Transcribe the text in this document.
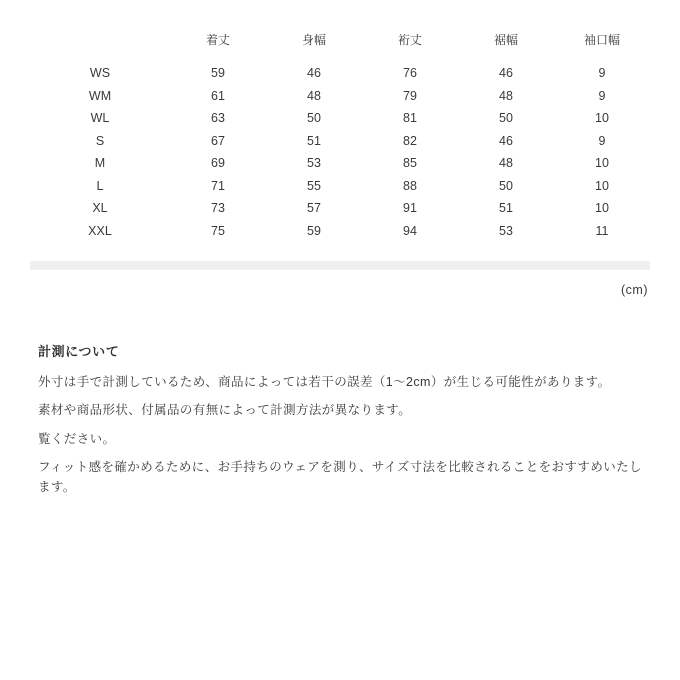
	着丈	身幅	裄丈	裾幅	袖口幅
WS	59	46	76	46	9
WM	61	48	79	48	9
WL	63	50	81	50	10
S	67	51	82	46	9
M	69	53	85	48	10
L	71	55	88	50	10
XL	73	57	91	51	10
XXL	75	59	94	53	11
(cm)
計測について

外寸は手で計測しているため、商品によっては若干の誤差（1〜2cm）が生じる可能性があります。

素材や商品形状、付属品の有無によって計測方法が異なります。

覧ください。

フィット感を確かめるために、お手持ちのウェアを測り、サイズ寸法を比較されることをおすすめいたします。
